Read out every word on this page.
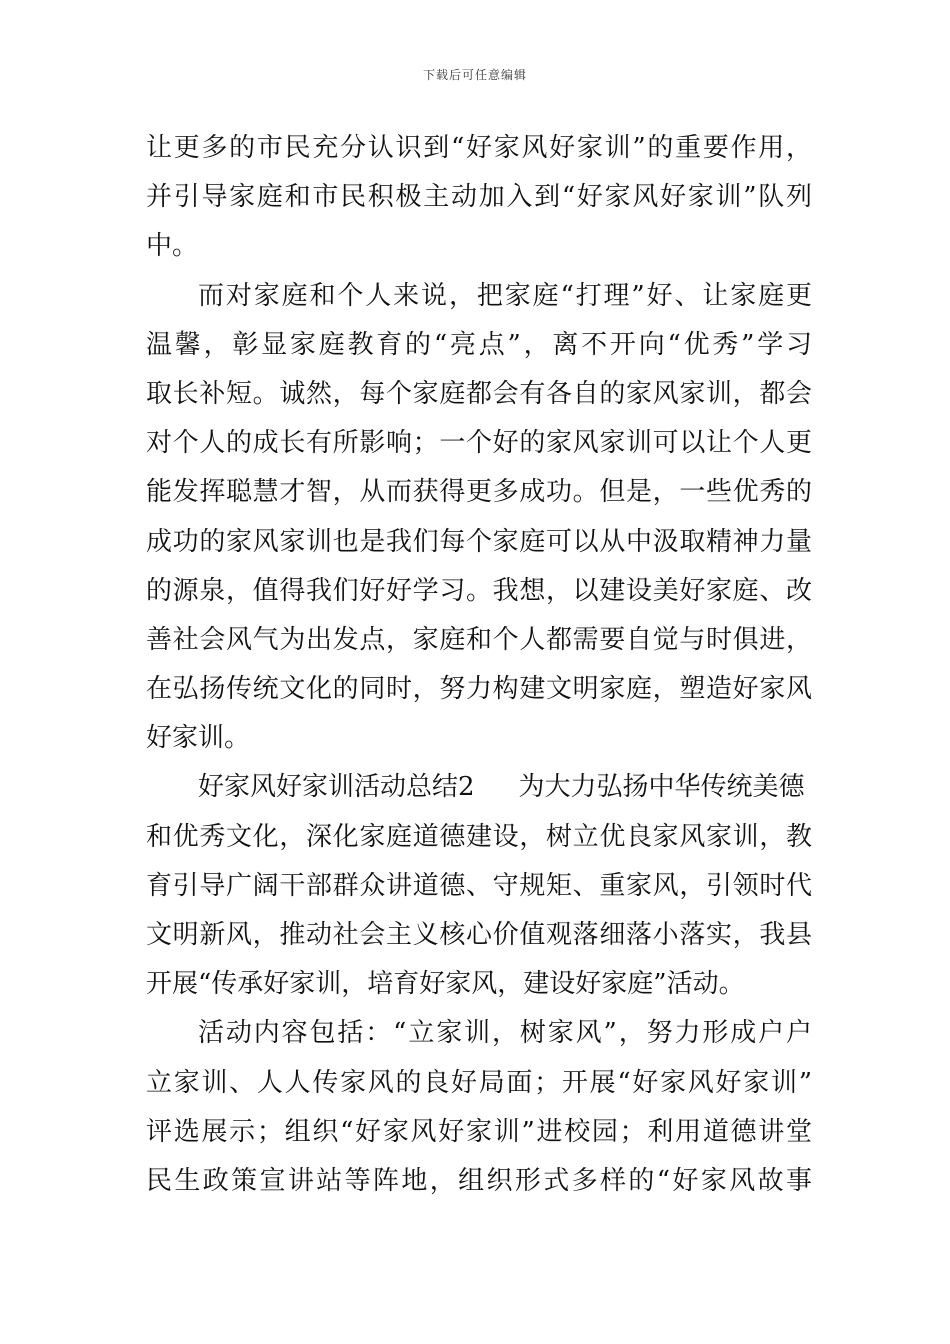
下载后可任意编辑
让更多的市民充分认识到“好家风好家训”的重要作用，
并引导家庭和市民积极主动加入到“好家风好家训”队列
中。
而对家庭和个人来说，把家庭“打理”好、让家庭更
温馨，彰显家庭教育的“亮点”，离不开向“优秀”学习
取长补短。诚然，每个家庭都会有各自的家风家训，都会
对个人的成长有所影响；一个好的家风家训可以让个人更
能发挥聪慧才智，从而获得更多成功。但是，一些优秀的
成功的家风家训也是我们每个家庭可以从中汲取精神力量
的源泉，值得我们好好学习。我想，以建设美好家庭、改
善社会风气为出发点，家庭和个人都需要自觉与时俱进，
在弘扬传统文化的同时，努力构建文明家庭，塑造好家风
好家训。
好家风好家训活动总结2 为大力弘扬中华传统美德
和优秀文化，深化家庭道德建设，树立优良家风家训，教
育引导广阔干部群众讲道德、守规矩、重家风，引领时代
文明新风，推动社会主义核心价值观落细落小落实，我县
开展“传承好家训，培育好家风，建设好家庭”活动。
活动内容包括：“立家训，树家风”，努力形成户户
立家训、人人传家风的良好局面；开展“好家风好家训”
评选展示；组织“好家风好家训”进校园；利用道德讲堂
民生政策宣讲站等阵地，组织形式多样的“好家风故事
